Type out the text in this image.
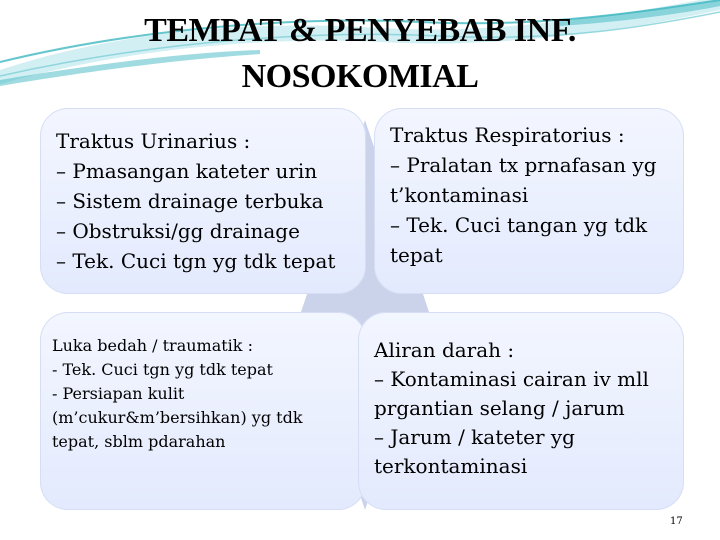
TEMPAT & PENYEBAB INF.
NOSOKOMIAL
Traktus Urinarius :
– Pmasangan kateter urin
– Sistem drainage terbuka
– Obstruksi/gg drainage
– Tek. Cuci tgn yg tdk tepat
Traktus Respiratorius :
– Pralatan tx prnafasan yg
t’kontaminasi
– Tek. Cuci tangan yg tdk
tepat
Luka bedah / traumatik :
- Tek. Cuci tgn yg tdk tepat
- Persiapan kulit
(m’cukur&m’bersihkan) yg tdk
tepat, sblm pdarahan
Aliran darah :
– Kontaminasi cairan iv mll
prgantian selang / jarum
– Jarum / kateter yg
terkontaminasi
17
